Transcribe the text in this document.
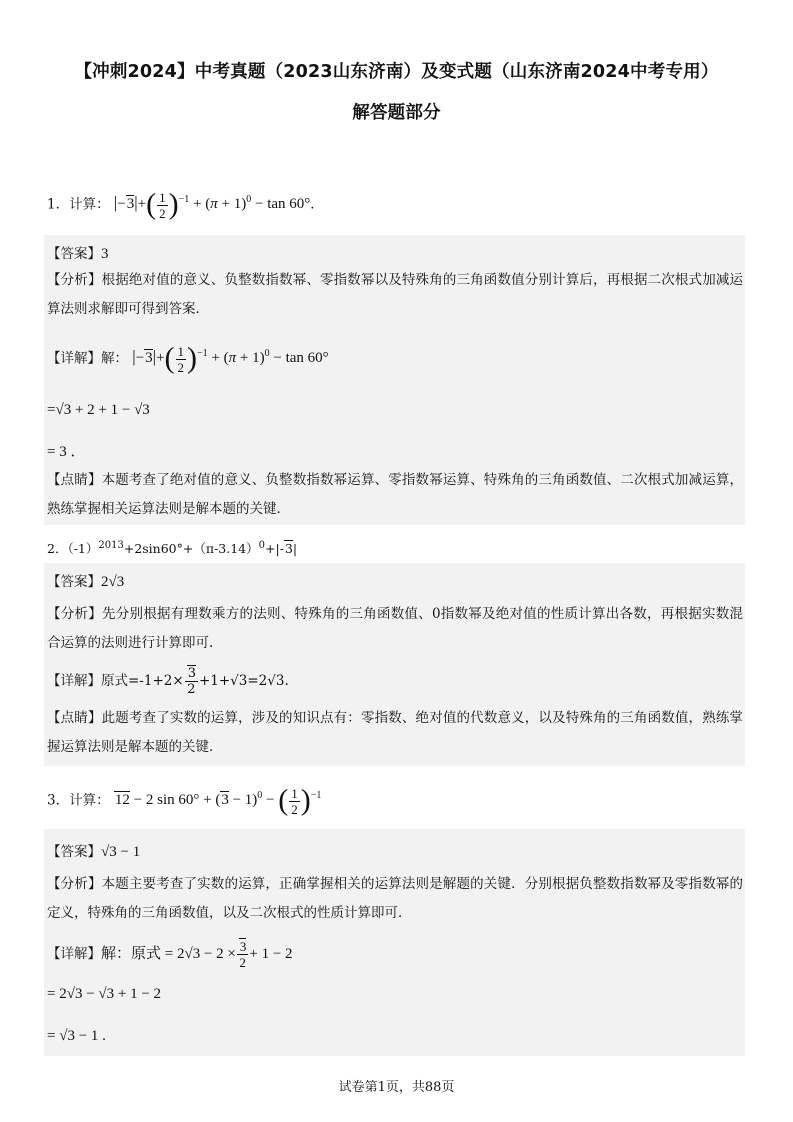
【冲刺2024】中考真题（2023山东济南）及变式题（山东济南2024中考专用）
解答题部分
1．计算： $|-3|+( \frac{1}{2} )^{-1} + (\pi + 1)^0 - \tan 60^\circ$．
【答案】3
【分析】根据绝对值的意义、负整数指数幂、零指数幂以及特殊角的三角函数值分别计算后，再根据二次根式加减运算法则求解即可得到答案．
【详解】解： $|-3|+( \frac{1}{2} )^{-1} + (\pi + 1)^0 - \tan 60^\circ$
=√3 + 2 + 1 − √3
= 3 ．
【点睛】本题考查了绝对值的意义、负整数指数幂运算、零指数幂运算、特殊角的三角函数值、二次根式加减运算，熟练掌握相关运算法则是解本题的关键．
2．$(-1)^{2013}+2\sin 60^\circ+(\pi-3.14)^0+|-3|$
【答案】2√3
【分析】先分别根据有理数乘方的法则、特殊角的三角函数值、0指数幂及绝对值的性质计算出各数，再根据实数混合运算的法则进行计算即可.
【详解】原式$=-1+2\times \frac{3}{2} +1+√3=2√3$.
【点睛】此题考查了实数的运算，涉及的知识点有：零指数、绝对值的代数意义，以及特殊角的三角函数值，熟练掌握运算法则是解本题的关键．
3．计算： 12 − 2 $\sin 60^\circ + (3 - 1)^0$ − ( $\frac{1}{2} )^{-1}$
【答案】√3 − 1
【分析】本题主要考查了实数的运算，正确掌握相关的运算法则是解题的关键．分别根据负整数指数幂及零指数幂的定义，特殊角的三角函数值，以及二次根式的性质计算即可．
【详解】解：原式 = $2√3 - 2 \times \frac{3}{2} + 1 - 2$
= 2√3 − √3 + 1 − 2
= √3 − 1 .
试卷第1页，共88页
